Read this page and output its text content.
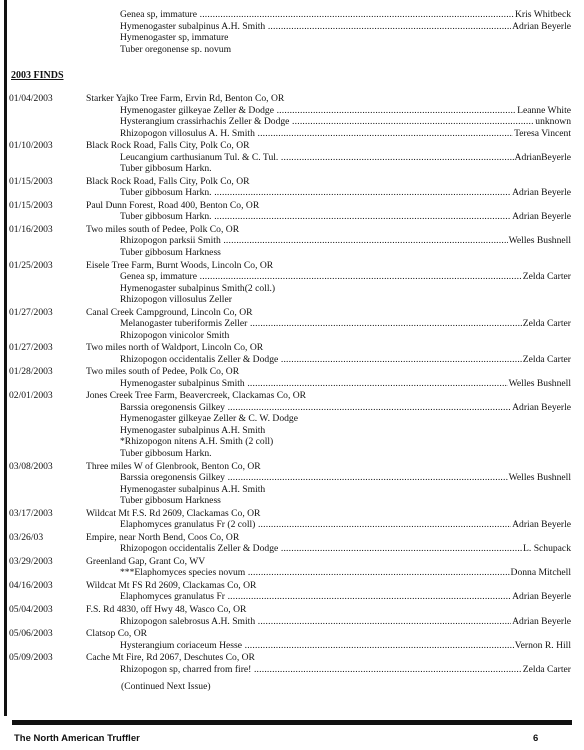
Genea sp, immature .....	Kris Whitbeck
Hymenogaster subalpinus A.H. Smith .....	Adrian Beyerle
Hymenogaster sp, immature
Tuber oregonense sp. novum
2003 FINDS
01/04/2003	Starker Yajko Tree Farm, Ervin Rd, Benton Co, OR
Hymenogaster gilkeyae Zeller & Dodge .....	Leanne White
Hysterangium crassirhachis Zeller & Dodge .....	unknown
Rhizopogon villosulus A. H. Smith .....	Teresa Vincent
01/10/2003	Black Rock Road, Falls City, Polk Co, OR
Leucangium carthusianum Tul. & C. Tul. .....	AdrianBeyerle
Tuber gibbosum Harkn.
01/15/2003	Black Rock Road, Falls City, Polk Co, OR
Tuber gibbosum Harkn. .....	Adrian Beyerle
01/15/2003	Paul Dunn Forest, Road 400, Benton Co, OR
Tuber gibbosum Harkn. .....	Adrian Beyerle
01/16/2003	Two miles south of Pedee, Polk Co, OR
Rhizopogon parksii Smith .....	Welles Bushnell
Tuber gibbosum Harkness
01/25/2003	Eisele Tree Farm, Burnt Woods, Lincoln Co, OR
Genea sp, immature .....	Zelda Carter
Hymenogaster subalpinus Smith(2 coll.)
Rhizopogon villosulus Zeller
01/27/2003	Canal Creek Campground, Lincoln Co, OR
Melanogaster tuberiformis Zeller .....	Zelda Carter
Rhizopogon vinicolor Smith
01/27/2003	Two miles north of Waldport, Lincoln Co, OR
Rhizopogon occidentalis Zeller & Dodge .....	Zelda Carter
01/28/2003	Two miles south of Pedee, Polk Co, OR
Hymenogaster subalpinus Smith .....	Welles Bushnell
02/01/2003	Jones Creek Tree Farm, Beavercreek, Clackamas Co, OR
Barssia oregonensis Gilkey .....	Adrian Beyerle
Hymenogaster gilkeyae Zeller & C. W. Dodge
Hymenogaster subalpinus A.H. Smith
*Rhizopogon nitens A.H. Smith (2 coll)
Tuber gibbosum Harkn.
03/08/2003	Three miles W of Glenbrook, Benton Co, OR
Barssia oregonensis Gilkey .....	Welles Bushnell
Hymenogaster subalpinus A.H. Smith
Tuber gibbosum Harkness
03/17/2003	Wildcat Mt F.S. Rd 2609, Clackamas Co, OR
Elaphomyces granulatus Fr (2 coll) .....	Adrian Beyerle
03/26/03	Empire, near North Bend, Coos Co, OR
Rhizopogon occidentalis Zeller & Dodge .....	L. Schupack
03/29/2003	Greenland Gap, Grant Co, WV
***Elaphomyces species novum .....	Donna Mitchell
04/16/2003	Wildcat Mt FS Rd 2609, Clackamas Co, OR
Elaphomyces granulatus Fr .....	Adrian Beyerle
05/04/2003	F.S. Rd 4830, off Hwy 48, Wasco Co, OR
Rhizopogon salebrosus A.H. Smith .....	Adrian Beyerle
05/06/2003	Clatsop Co, OR
Hysterangium coriaceum Hesse .....	Vernon R. Hill
05/09/2003	Cache Mt Fire, Rd 2067, Deschutes Co, OR
Rhizopogon sp, charred from fire! .....	Zelda Carter
(Continued Next Issue)
The North American Truffler	6
